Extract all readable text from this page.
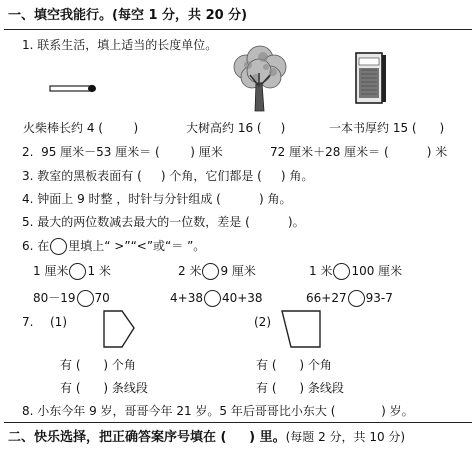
一、填空我能行。(每空 1 分，共 20 分)
1. 联系生活，填上适当的长度单位。
火柴棒长约 4 (        )	大树高约 16 (     )	一本书厚约 15 (      )
2.  95 厘米－53 厘米＝ (        ) 厘米	72 厘米＋28 厘米＝ (          ) 米
3. 教室的黑板表面有 (     ) 个角，它们都是 (     ) 角。
4. 钟面上 9 时整 ，时针与分针组成 (          ) 角。
5. 最大的两位数减去最大的一位数，差是 (          )。
6. 在 里填上“ >”“<”或“＝ ”。
1 厘米 1 米	2 米 9 厘米	1 米 100 厘米
80－19 70	4+38 40+38	66+27 93-7
7. (1)	(2)
有 (      ) 个角	有 (      ) 个角
有 (      ) 条线段	有 (      ) 条线段
8. 小东今年 9 岁，哥哥今年 21 岁。5 年后哥哥比小东大 (            ) 岁。
二、快乐选择，把正确答案序号填在 (     ) 里。(每题 2 分，共 10 分)
